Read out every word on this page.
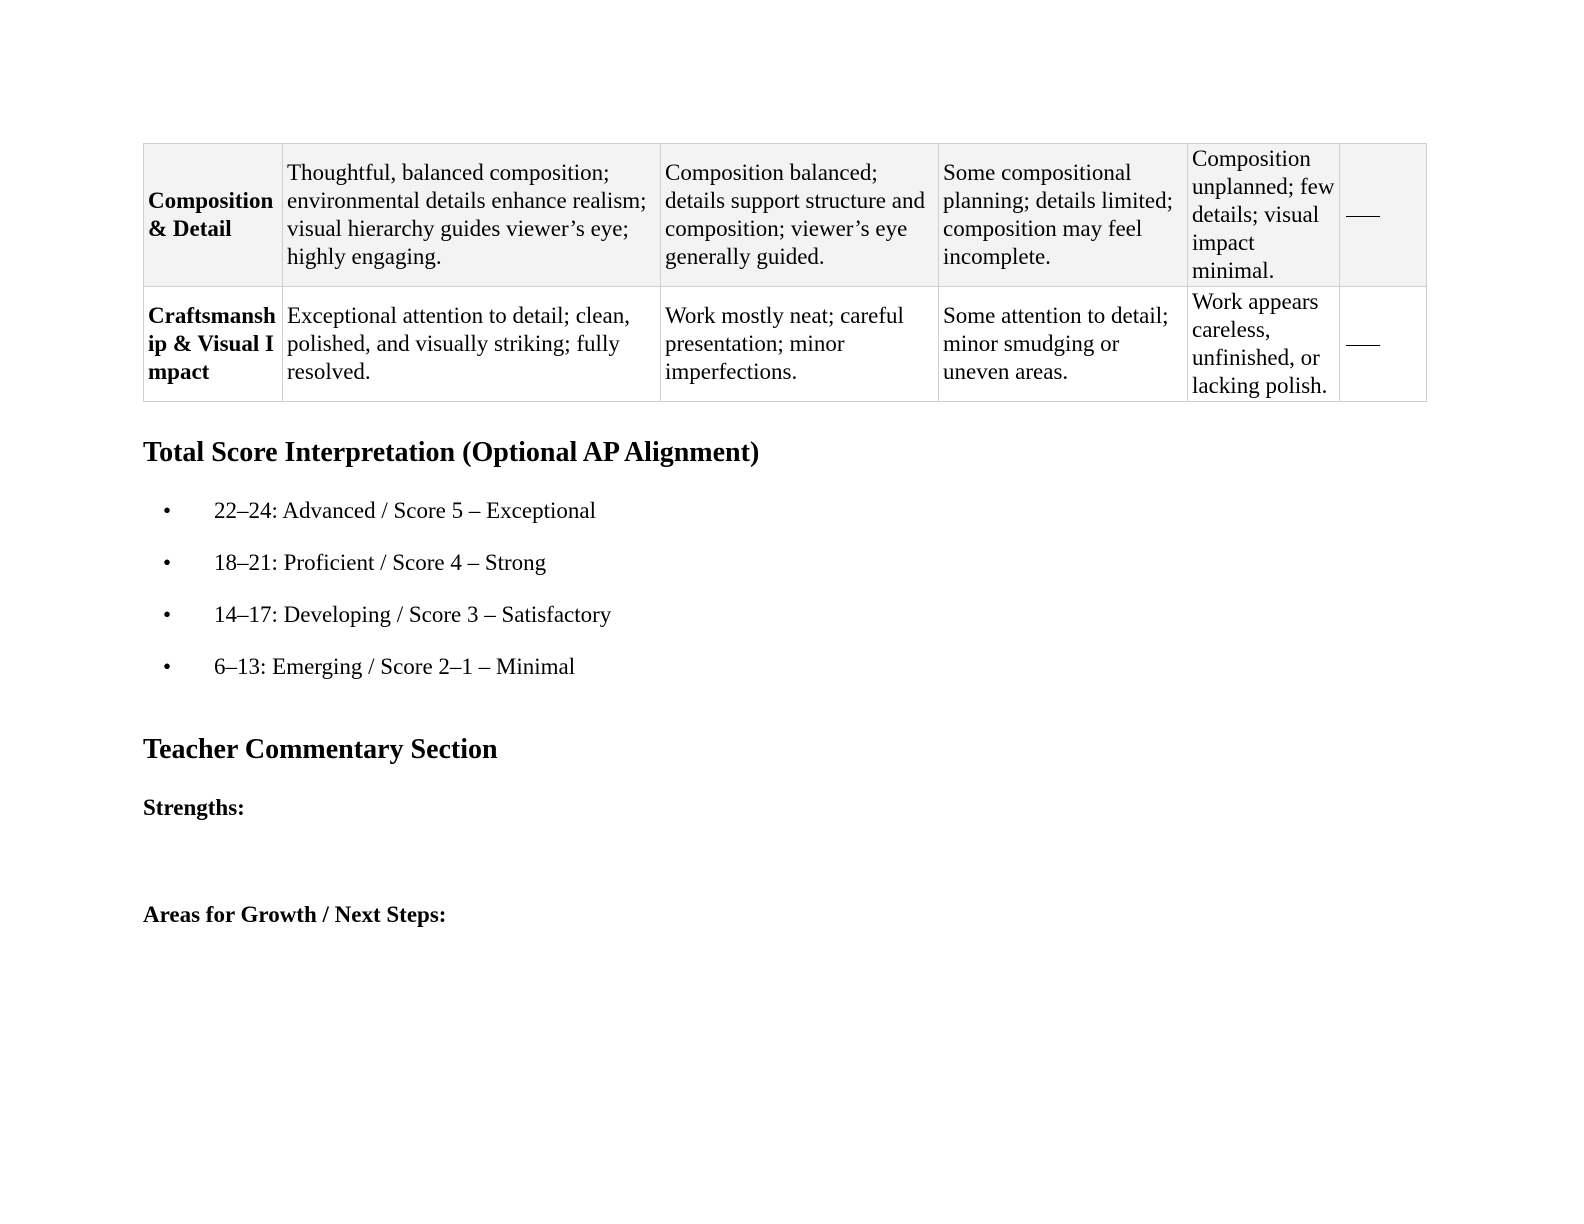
Composition & Detail	Thoughtful, balanced composition; environmental details enhance realism; visual hierarchy guides viewer’s eye; highly engaging.	Composition balanced; details support structure and composition; viewer’s eye generally guided.	Some compositional planning; details limited; composition may feel incomplete.	Composition unplanned; few details; visual impact minimal.	
Craftsmanship & Visual Impact	Exceptional attention to detail; clean, polished, and visually striking; fully resolved.	Work mostly neat; careful presentation; minor imperfections.	Some attention to detail; minor smudging or uneven areas.	Work appears careless, unfinished, or lacking polish.	
Total Score Interpretation (Optional AP Alignment)
• 22–24: Advanced / Score 5 – Exceptional
• 18–21: Proficient / Score 4 – Strong
• 14–17: Developing / Score 3 – Satisfactory
• 6–13: Emerging / Score 2–1 – Minimal
Teacher Commentary Section

Strengths:

Areas for Growth / Next Steps:
